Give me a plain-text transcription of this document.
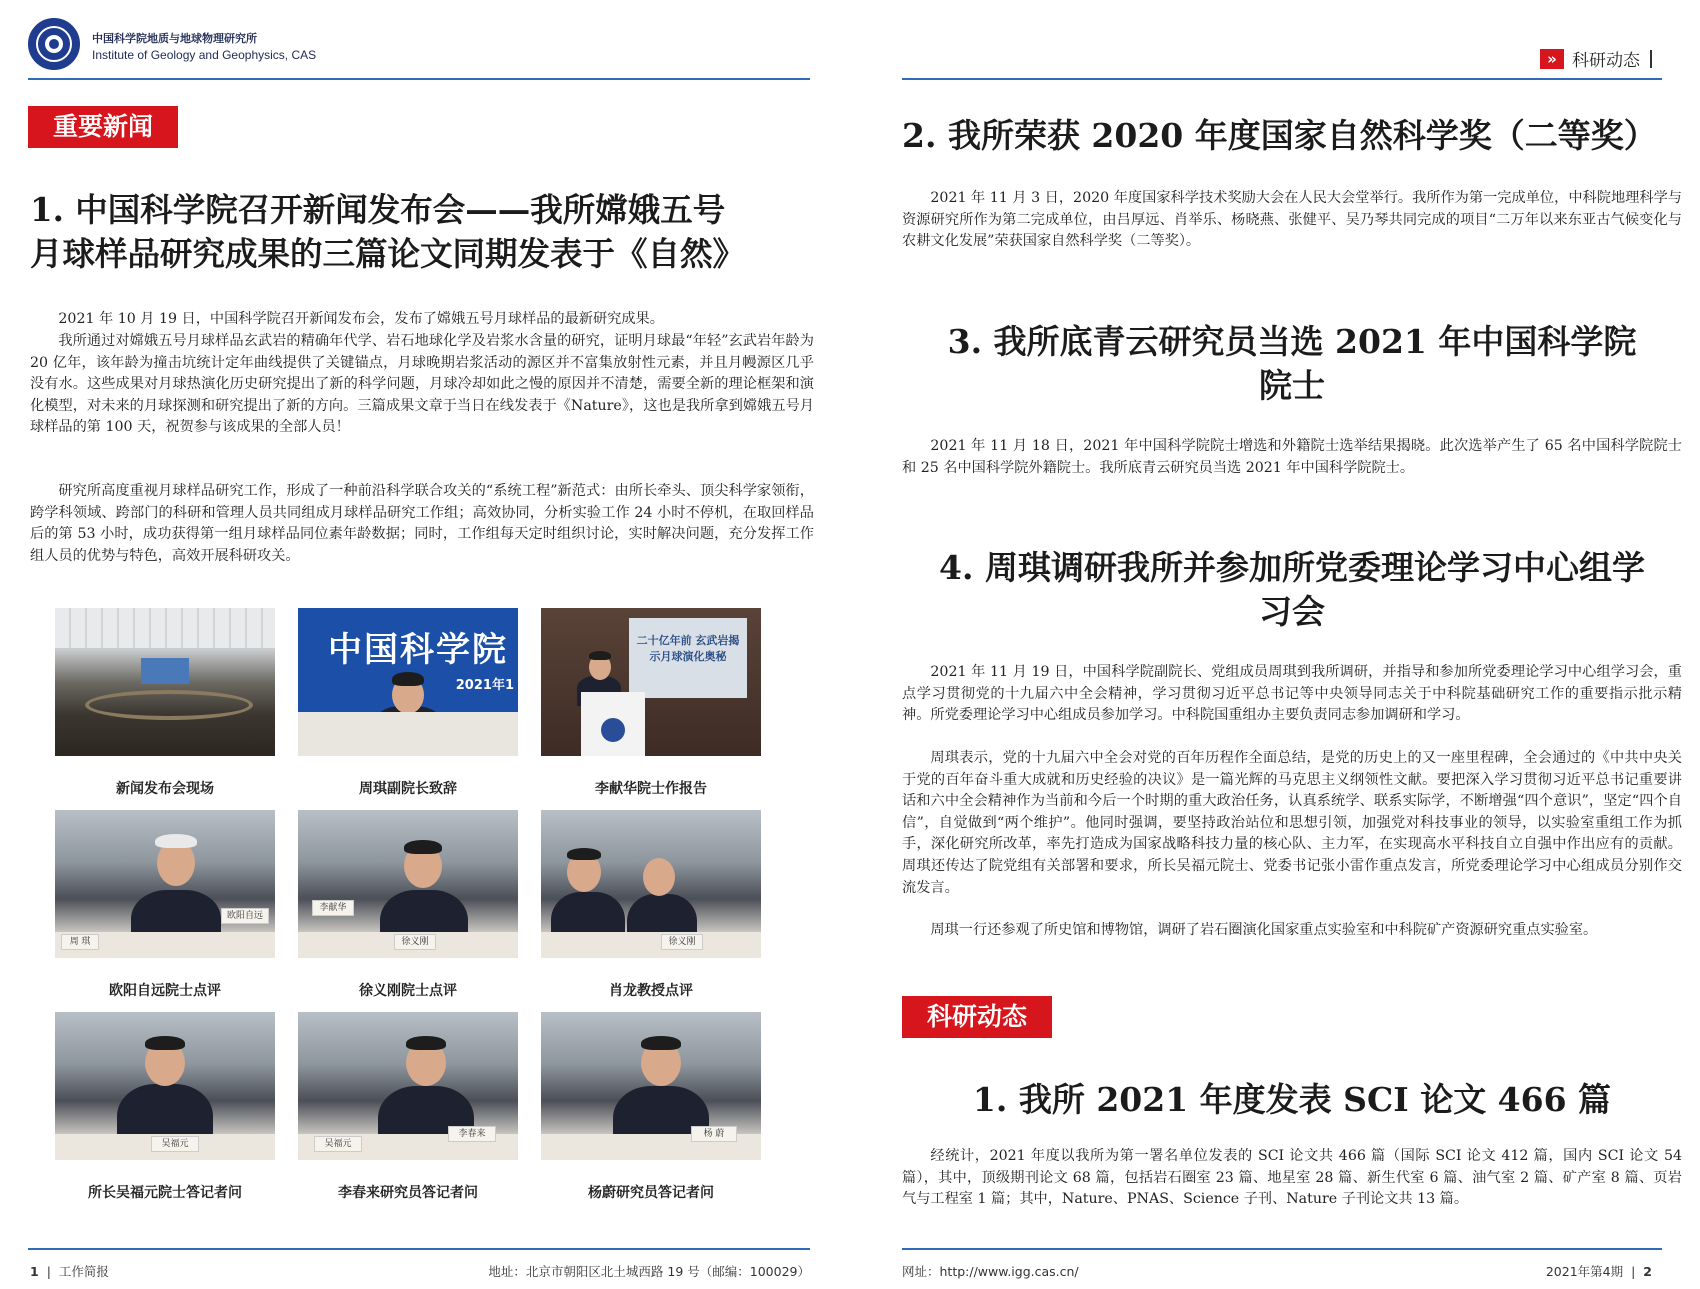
中国科学院地质与地球物理研究所
Institute of Geology and Geophysics, CAS
重要新闻
1. 中国科学院召开新闻发布会——我所嫦娥五号
月球样品研究成果的三篇论文同期发表于《自然》

2021 年 10 月 19 日，中国科学院召开新闻发布会，发布了嫦娥五号月球样品的最新研究成果。

我所通过对嫦娥五号月球样品玄武岩的精确年代学、岩石地球化学及岩浆水含量的研究，证明月球最“年轻”玄武岩年龄为 20 亿年，该年龄为撞击坑统计定年曲线提供了关键锚点，月球晚期岩浆活动的源区并不富集放射性元素，并且月幔源区几乎没有水。这些成果对月球热演化历史研究提出了新的科学问题，月球冷却如此之慢的原因并不清楚，需要全新的理论框架和演化模型，对未来的月球探测和研究提出了新的方向。三篇成果文章于当日在线发表于《Nature》，这也是我所拿到嫦娥五号月球样品的第 100 天，祝贺参与该成果的全部人员！

研究所高度重视月球样品研究工作，形成了一种前沿科学联合攻关的“系统工程”新范式：由所长牵头、顶尖科学家领衔，跨学科领域、跨部门的科研和管理人员共同组成月球样品研究工作组；高效协同，分析实验工作 24 小时不停机，在取回样品后的第 53 小时，成功获得第一组月球样品同位素年龄数据；同时，工作组每天定时组织讨论，实时解决问题，充分发挥工作组人员的优势与特色，高效开展科研攻关。

新闻发布会现场
中国科学院
2021年1
周琪副院长致辞
二十亿年前 玄武岩揭示月球演化奥秘
李献华院士作报告
周 琪
欧阳自远
欧阳自远院士点评
李献华
徐义刚
徐义刚院士点评
徐义刚
肖龙教授点评
吴福元
所长吴福元院士答记者问
吴福元
李春来
李春来研究员答记者问
杨 蔚
杨蔚研究员答记者问
1 | 工作简报	地址：北京市朝阳区北土城西路 19 号（邮编：100029）
» 科研动态
2. 我所荣获 2020 年度国家自然科学奖（二等奖）

2021 年 11 月 3 日，2020 年度国家科学技术奖励大会在人民大会堂举行。我所作为第一完成单位，中科院地理科学与资源研究所作为第二完成单位，由吕厚远、肖举乐、杨晓燕、张健平、吴乃琴共同完成的项目“二万年以来东亚古气候变化与农耕文化发展”荣获国家自然科学奖（二等奖）。

3. 我所底青云研究员当选 2021 年中国科学院
院士

2021 年 11 月 18 日，2021 年中国科学院院士增选和外籍院士选举结果揭晓。此次选举产生了 65 名中国科学院院士和 25 名中国科学院外籍院士。我所底青云研究员当选 2021 年中国科学院院士。

4. 周琪调研我所并参加所党委理论学习中心组学
习会

2021 年 11 月 19 日，中国科学院副院长、党组成员周琪到我所调研，并指导和参加所党委理论学习中心组学习会，重点学习贯彻党的十九届六中全会精神，学习贯彻习近平总书记等中央领导同志关于中科院基础研究工作的重要指示批示精神。所党委理论学习中心组成员参加学习。中科院国重组办主要负责同志参加调研和学习。

周琪表示，党的十九届六中全会对党的百年历程作全面总结，是党的历史上的又一座里程碑，全会通过的《中共中央关于党的百年奋斗重大成就和历史经验的决议》是一篇光辉的马克思主义纲领性文献。要把深入学习贯彻习近平总书记重要讲话和六中全会精神作为当前和今后一个时期的重大政治任务，认真系统学、联系实际学，不断增强“四个意识”，坚定“四个自信”，自觉做到“两个维护”。他同时强调，要坚持政治站位和思想引领，加强党对科技事业的领导，以实验室重组工作为抓手，深化研究所改革，率先打造成为国家战略科技力量的核心队、主力军，在实现高水平科技自立自强中作出应有的贡献。周琪还传达了院党组有关部署和要求，所长吴福元院士、党委书记张小雷作重点发言，所党委理论学习中心组成员分别作交流发言。

周琪一行还参观了所史馆和博物馆，调研了岩石圈演化国家重点实验室和中科院矿产资源研究重点实验室。

科研动态
1. 我所 2021 年度发表 SCI 论文 466 篇

经统计，2021 年度以我所为第一署名单位发表的 SCI 论文共 466 篇（国际 SCI 论文 412 篇，国内 SCI 论文 54 篇），其中，顶级期刊论文 68 篇，包括岩石圈室 23 篇、地星室 28 篇、新生代室 6 篇、油气室 2 篇、矿产室 8 篇、页岩气与工程室 1 篇；其中，Nature、PNAS、Science 子刊、Nature 子刊论文共 13 篇。

网址：http://www.igg.cas.cn/	2021年第4期 | 2
